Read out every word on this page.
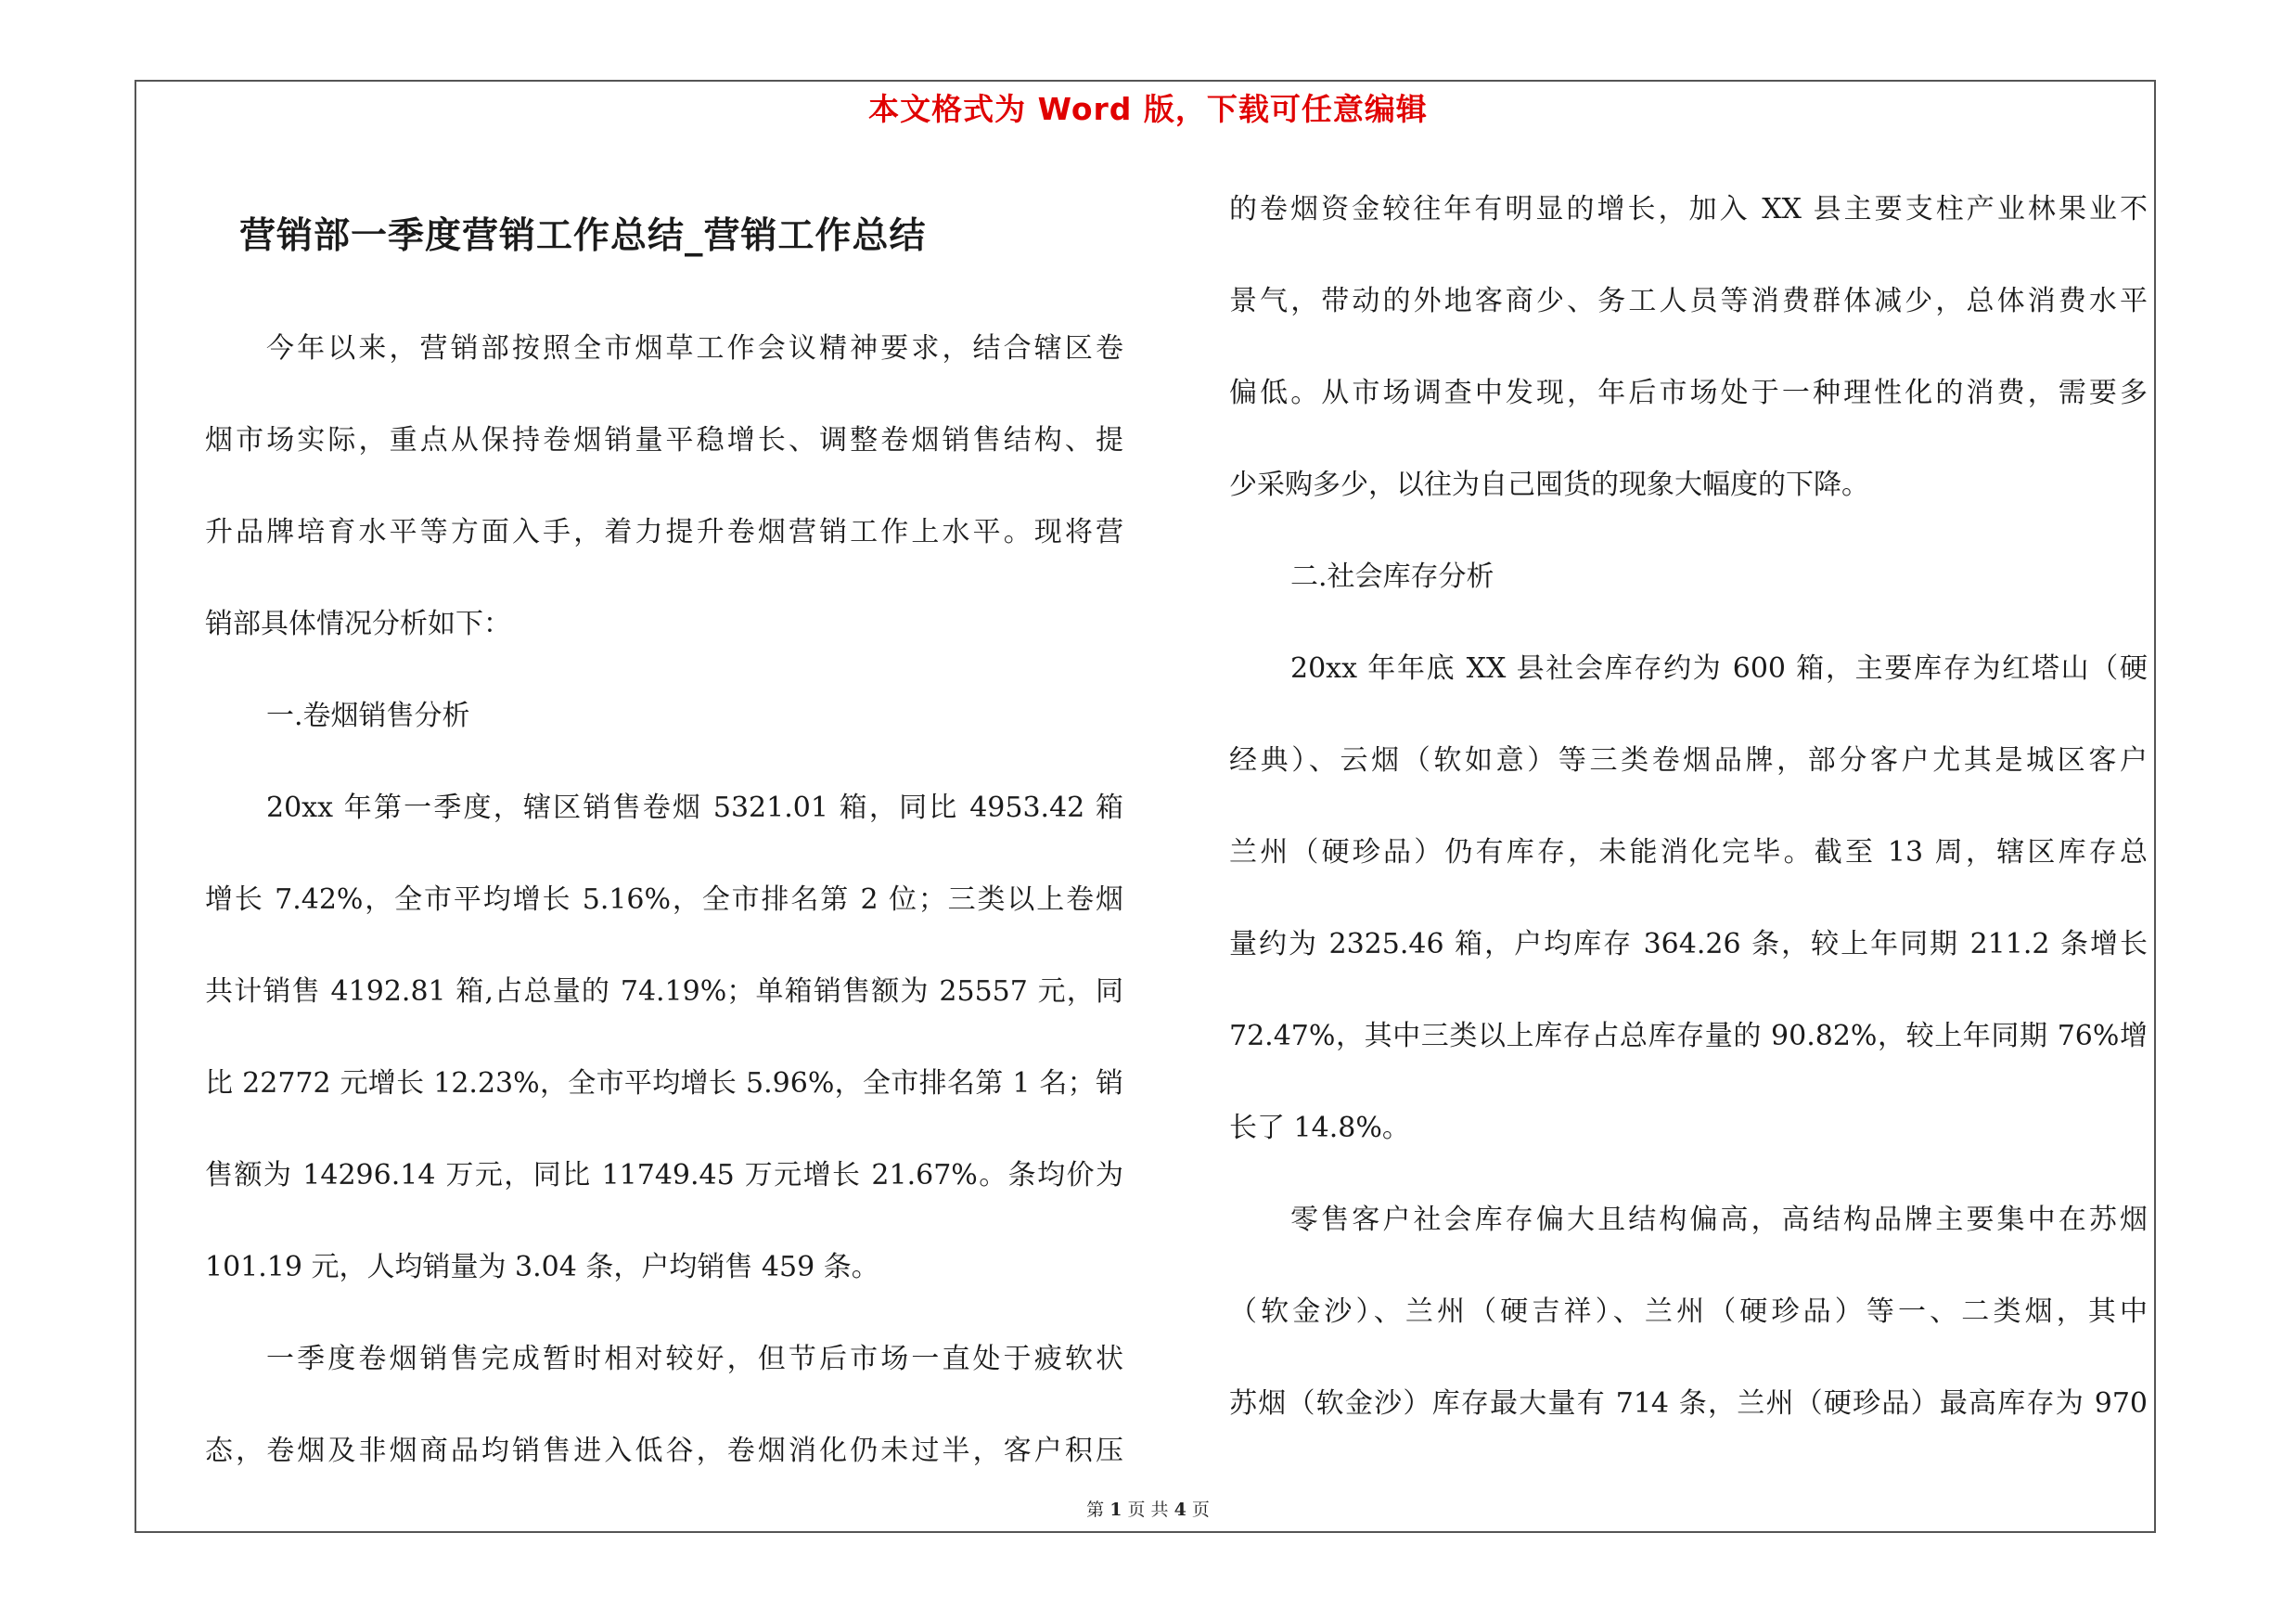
本文格式为 Word 版，下载可任意编辑
营销部一季度营销工作总结_营销工作总结
今年以来，营销部按照全市烟草工作会议精神要求，结合辖区卷
烟市场实际，重点从保持卷烟销量平稳增长、调整卷烟销售结构、提
升品牌培育水平等方面入手，着力提升卷烟营销工作上水平。现将营
销部具体情况分析如下：
一.卷烟销售分析
20xx 年第一季度，辖区销售卷烟 5321.01 箱，同比 4953.42 箱
增长 7.42%，全市平均增长 5.16%，全市排名第 2 位；三类以上卷烟
共计销售 4192.81 箱,占总量的 74.19%；单箱销售额为 25557 元，同
比 22772 元增长 12.23%，全市平均增长 5.96%，全市排名第 1 名；销
售额为 14296.14 万元，同比 11749.45 万元增长 21.67%。条均价为
101.19 元，人均销量为 3.04 条，户均销售 459 条。
一季度卷烟销售完成暂时相对较好，但节后市场一直处于疲软状
态，卷烟及非烟商品均销售进入低谷，卷烟消化仍未过半，客户积压
的卷烟资金较往年有明显的增长，加入 XX 县主要支柱产业林果业不
景气，带动的外地客商少、务工人员等消费群体减少，总体消费水平
偏低。从市场调查中发现，年后市场处于一种理性化的消费，需要多
少采购多少，以往为自己囤货的现象大幅度的下降。
二.社会库存分析
20xx 年年底 XX 县社会库存约为 600 箱，主要库存为红塔山（硬
经典）、云烟（软如意）等三类卷烟品牌，部分客户尤其是城区客户
兰州（硬珍品）仍有库存，未能消化完毕。截至 13 周，辖区库存总
量约为 2325.46 箱，户均库存 364.26 条，较上年同期 211.2 条增长
72.47%，其中三类以上库存占总库存量的 90.82%，较上年同期 76%增
长了 14.8%。
零售客户社会库存偏大且结构偏高，高结构品牌主要集中在苏烟
（软金沙）、兰州（硬吉祥）、兰州（硬珍品）等一、二类烟，其中
苏烟（软金沙）库存最大量有 714 条，兰州（硬珍品）最高库存为 970
第 1 页 共 4 页
